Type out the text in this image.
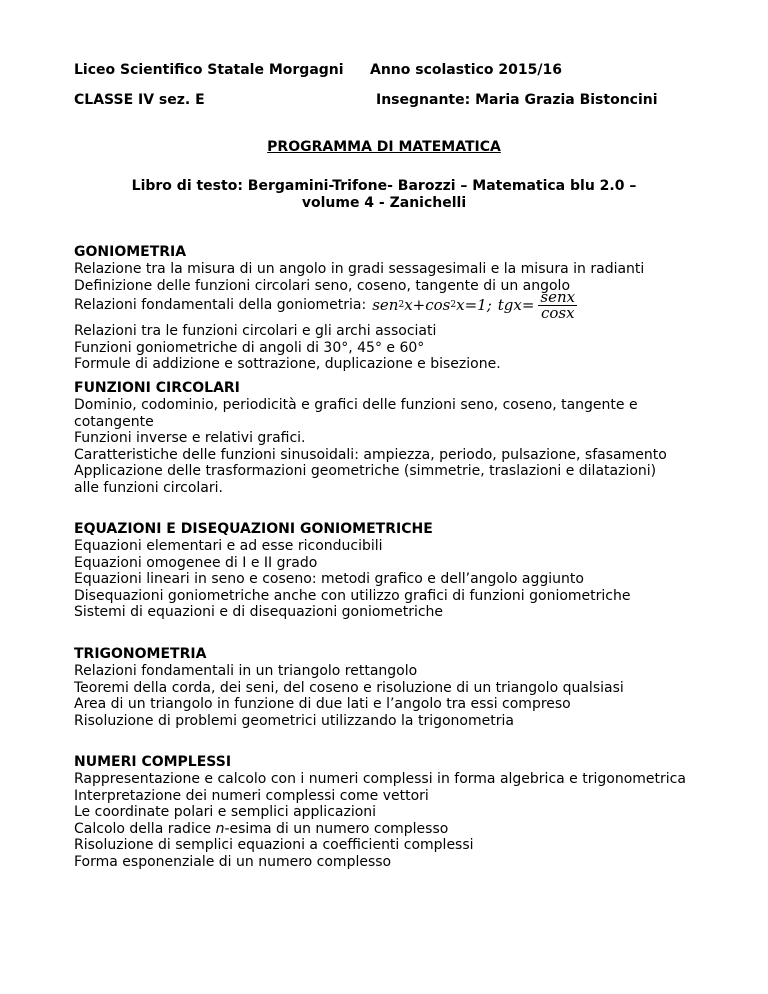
Liceo Scientifico Statale Morgagni Anno scolastico 2015/16
CLASSE IV sez. E	Insegnante: Maria Grazia Bistoncini
PROGRAMMA DI MATEMATICA
Libro di testo: Bergamini-Trifone- Barozzi – Matematica blu 2.0 –
volume 4 - Zanichelli
GONIOMETRIA
Relazione tra la misura di un angolo in gradi sessagesimali e la misura in radianti
Definizione delle funzioni circolari seno, coseno, tangente di un angolo
Relazioni fondamentali della goniometria: sen 2 x+cos 2 x=1; $tgx= \frac{\text{senx}}{\cos x}$
Relazioni tra le funzioni circolari e gli archi associati
Funzioni goniometriche di angoli di 30°, 45° e 60°
Formule di addizione e sottrazione, duplicazione e bisezione.
FUNZIONI CIRCOLARI
Dominio, codominio, periodicità e grafici delle funzioni seno, coseno, tangente e
cotangente
Funzioni inverse e relativi grafici.
Caratteristiche delle funzioni sinusoidali: ampiezza, periodo, pulsazione, sfasamento
Applicazione delle trasformazioni geometriche (simmetrie, traslazioni e dilatazioni)
alle funzioni circolari.
EQUAZIONI E DISEQUAZIONI GONIOMETRICHE
Equazioni elementari e ad esse riconducibili
Equazioni omogenee di I e II grado
Equazioni lineari in seno e coseno: metodi grafico e dell’angolo aggiunto
Disequazioni goniometriche anche con utilizzo grafici di funzioni goniometriche
Sistemi di equazioni e di disequazioni goniometriche
TRIGONOMETRIA
Relazioni fondamentali in un triangolo rettangolo
Teoremi della corda, dei seni, del coseno e risoluzione di un triangolo qualsiasi
Area di un triangolo in funzione di due lati e l’angolo tra essi compreso
Risoluzione di problemi geometrici utilizzando la trigonometria
NUMERI COMPLESSI
Rappresentazione e calcolo con i numeri complessi in forma algebrica e trigonometrica
Interpretazione dei numeri complessi come vettori
Le coordinate polari e semplici applicazioni
Calcolo della radice n-esima di un numero complesso
Risoluzione di semplici equazioni a coefficienti complessi
Forma esponenziale di un numero complesso
